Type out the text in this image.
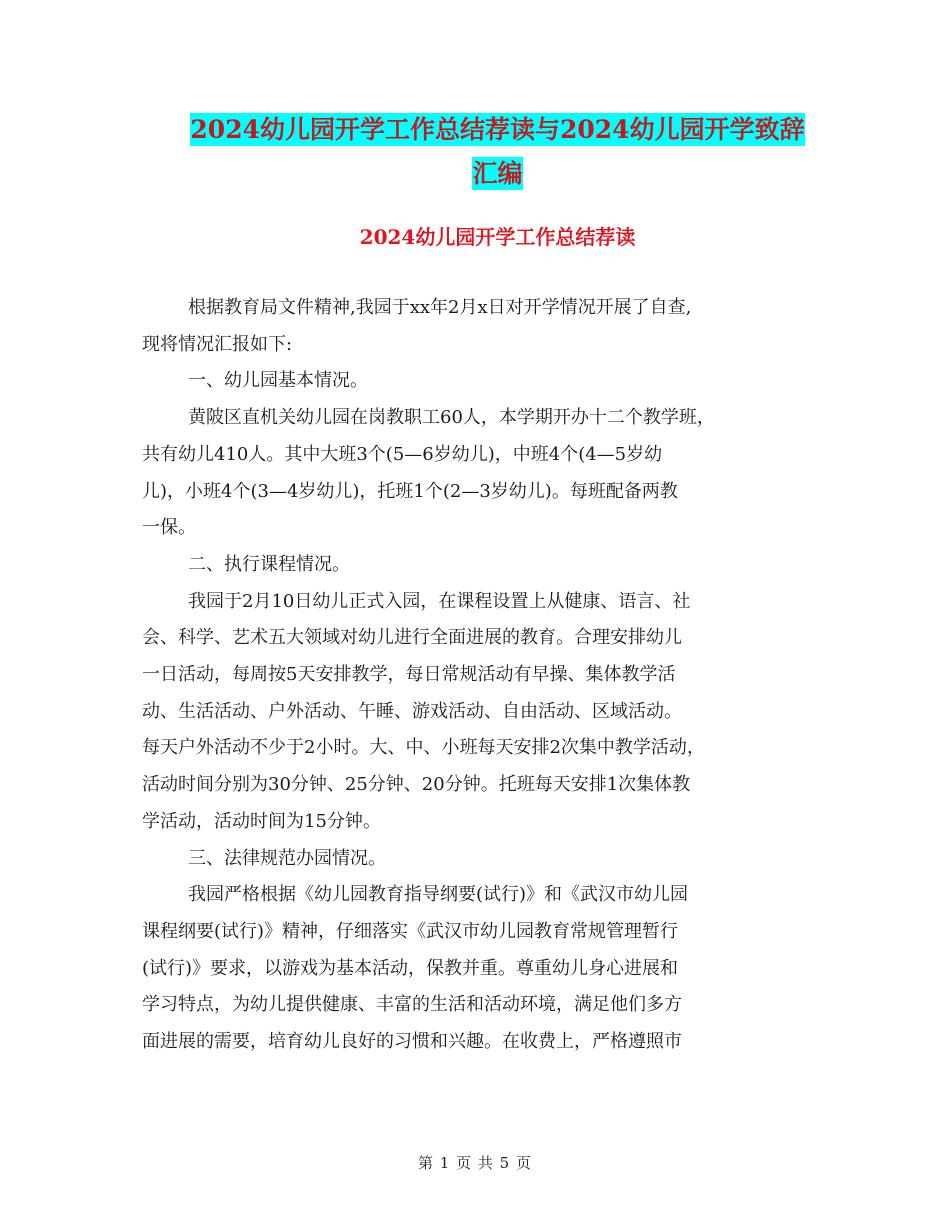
2024幼儿园开学工作总结荐读与2024幼儿园开学致辞
汇编
2024幼儿园开学工作总结荐读
根据教育局文件精神,我园于xx年2月x日对开学情况开展了自查,
现将情况汇报如下:
一、幼儿园基本情况。
黄陂区直机关幼儿园在岗教职工60人，本学期开办十二个教学班，
共有幼儿410人。其中大班3个(5—6岁幼儿)，中班4个(4—5岁幼
儿)，小班4个(3—4岁幼儿)，托班1个(2—3岁幼儿)。每班配备两教
一保。
二、执行课程情况。
我园于2月10日幼儿正式入园，在课程设置上从健康、语言、社
会、科学、艺术五大领域对幼儿进行全面进展的教育。合理安排幼儿
一日活动，每周按5天安排教学，每日常规活动有早操、集体教学活
动、生活活动、户外活动、午睡、游戏活动、自由活动、区域活动。
每天户外活动不少于2小时。大、中、小班每天安排2次集中教学活动，
活动时间分别为30分钟、25分钟、20分钟。托班每天安排1次集体教
学活动，活动时间为15分钟。
三、法律规范办园情况。
我园严格根据《幼儿园教育指导纲要(试行)》和《武汉市幼儿园
课程纲要(试行)》精神，仔细落实《武汉市幼儿园教育常规管理暂行
(试行)》要求，以游戏为基本活动，保教并重。尊重幼儿身心进展和
学习特点，为幼儿提供健康、丰富的生活和活动环境，满足他们多方
面进展的需要，培育幼儿良好的习惯和兴趣。在收费上，严格遵照市
第 1 页 共 5 页
